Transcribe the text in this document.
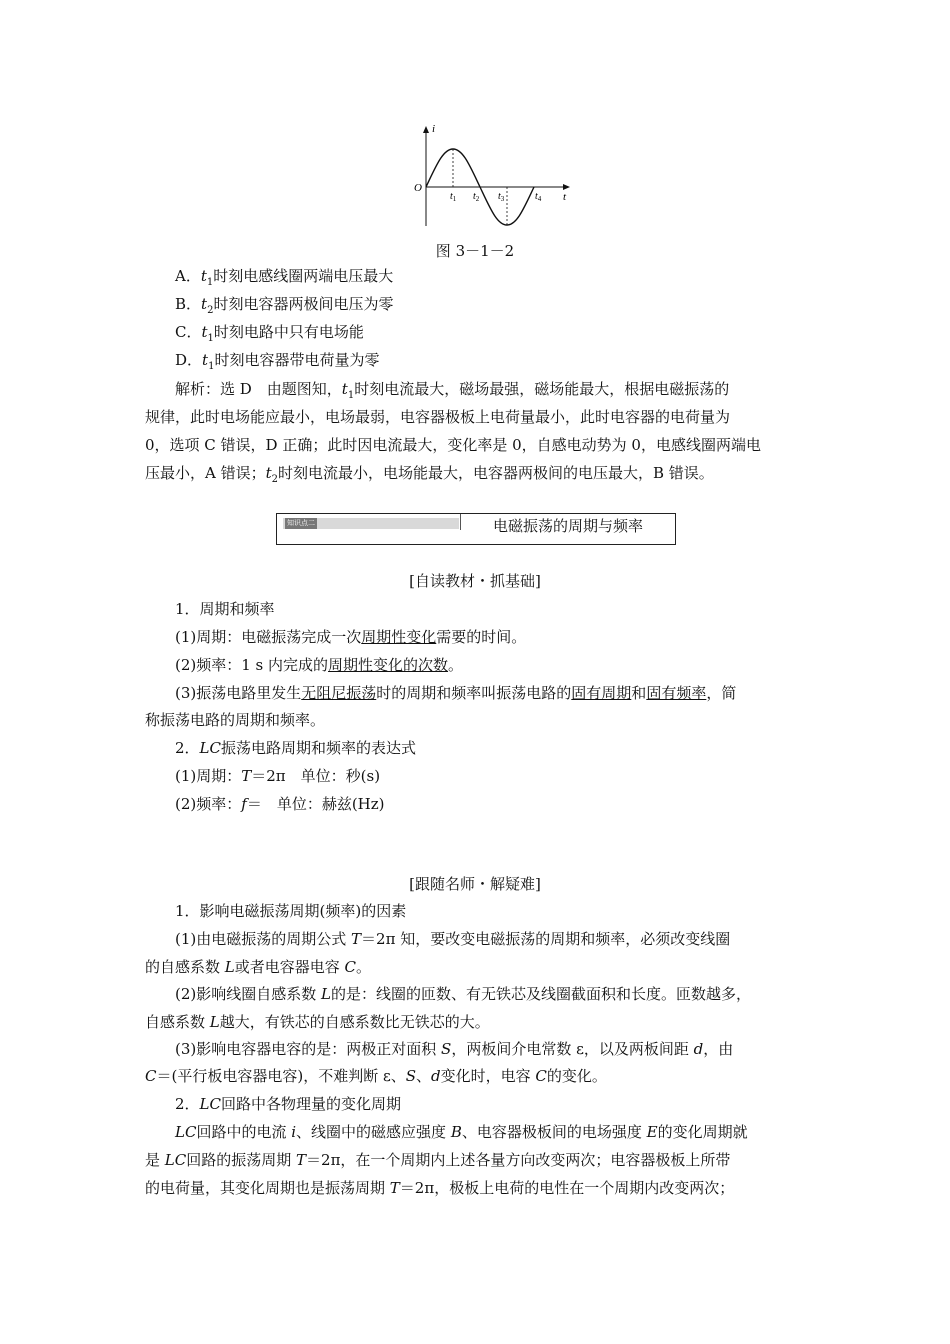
i
t
O
$t_1$ $t_2$ $t_3$	$t_4$
图 3－1－2
A．$t_1$时刻电感线圈两端电压最大
B．$t_2$时刻电容器两极间电压为零
C．$t_1$时刻电路中只有电场能
D．$t_1$时刻电容器带电荷量为零
解析：选 D　由题图知，$t_1$时刻电流最大，磁场最强，磁场能最大，根据电磁振荡的
规律，此时电场能应最小，电场最弱，电容器极板上电荷量最小，此时电容器的电荷量为
0，选项 C 错误，D 正确；此时因电流最大，变化率是 0，自感电动势为 0，电感线圈两端电
压最小，A 错误；$t_2$时刻电流最小，电场能最大，电容器两极间的电压最大，B 错误。
知识点二	电磁振荡的周期与频率
[自读教材・抓基础]
1．周期和频率
(1)周期：电磁振荡完成一次周期性变化需要的时间。
(2)频率：1 s 内完成的周期性变化的次数。
(3)振荡电路里发生无阻尼振荡时的周期和频率叫振荡电路的固有周期和固有频率，简
称振荡电路的周期和频率。
2．LC振荡电路周期和频率的表达式
(1)周期：T＝2π　单位：秒(s)
(2)频率：f＝　单位：赫兹(Hz)
[跟随名师・解疑难]
1．影响电磁振荡周期(频率)的因素
(1)由电磁振荡的周期公式 T＝2π 知，要改变电磁振荡的周期和频率，必须改变线圈
的自感系数 L或者电容器电容 C。
(2)影响线圈自感系数 L的是：线圈的匝数、有无铁芯及线圈截面积和长度。匝数越多，
自感系数 L越大，有铁芯的自感系数比无铁芯的大。
(3)影响电容器电容的是：两极正对面积 S，两板间介电常数 ε，以及两板间距 d，由
C＝(平行板电容器电容)，不难判断 ε、S、d变化时，电容 C的变化。
2．LC回路中各物理量的变化周期
LC回路中的电流 i、线圈中的磁感应强度 B、电容器极板间的电场强度 E的变化周期就
是 LC回路的振荡周期 T＝2π，在一个周期内上述各量方向改变两次；电容器极板上所带
的电荷量，其变化周期也是振荡周期 T＝2π，极板上电荷的电性在一个周期内改变两次；
